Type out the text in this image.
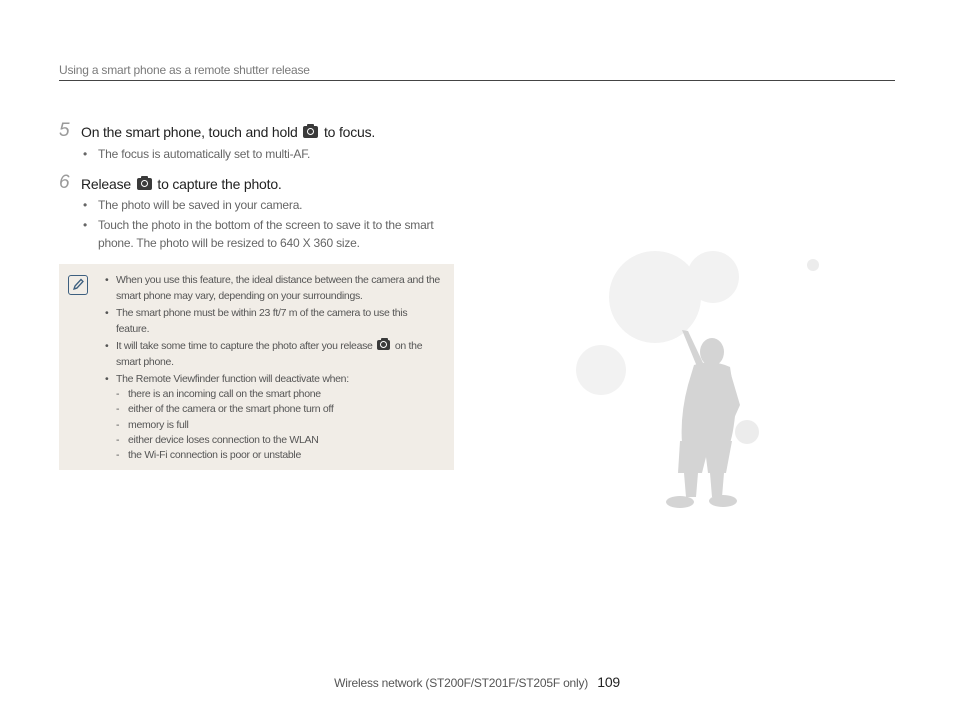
Using a smart phone as a remote shutter release
5 On the smart phone, touch and hold to focus.
• The focus is automatically set to multi-AF.
6 Release to capture the photo.
• The photo will be saved in your camera.
• Touch the photo in the bottom of the screen to save it to the smart phone. The photo will be resized to 640 X 360 size.
• When you use this feature, the ideal distance between the camera and the smart phone may vary, depending on your surroundings.
• The smart phone must be within 23 ft/7 m of the camera to use this feature.
• It will take some time to capture the photo after you release on the smart phone.
• The Remote Viewfinder function will deactivate when:
- there is an incoming call on the smart phone
- either of the camera or the smart phone turn off
- memory is full
- either device loses connection to the WLAN
- the Wi-Fi connection is poor or unstable
Wireless network (ST200F/ST201F/ST205F only) 109
